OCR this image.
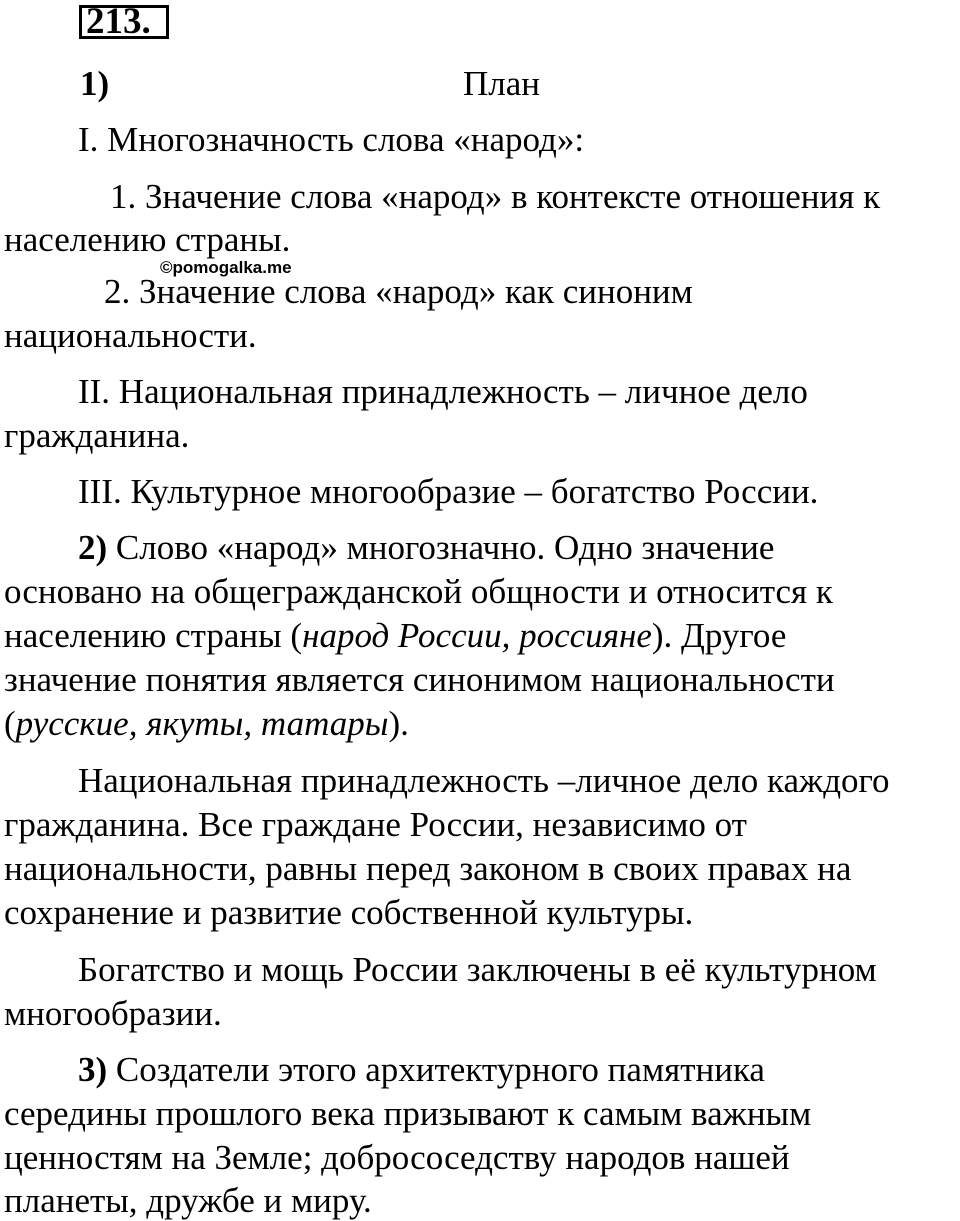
213.
1)	План
I. Многозначность слова «народ»:
1. Значение слова «народ» в контексте отношения к
населению страны.
©pomogalka.me
2. Значение слова «народ» как синоним
национальности.
II. Национальная принадлежность – личное дело
гражданина.
III. Культурное многообразие – богатство России.
2) Слово «народ» многозначно. Одно значение
основано на общегражданской общности и относится к
населению страны (народ России, россияне). Другое
значение понятия является синонимом национальности
(русские, якуты, татары).
Национальная принадлежность –личное дело каждого
гражданина. Все граждане России, независимо от
национальности, равны перед законом в своих правах на
сохранение и развитие собственной культуры.
Богатство и мощь России заключены в её культурном
многообразии.
3) Создатели этого архитектурного памятника
середины прошлого века призывают к самым важным
ценностям на Земле; добрососедству народов нашей
планеты, дружбе и миру.
